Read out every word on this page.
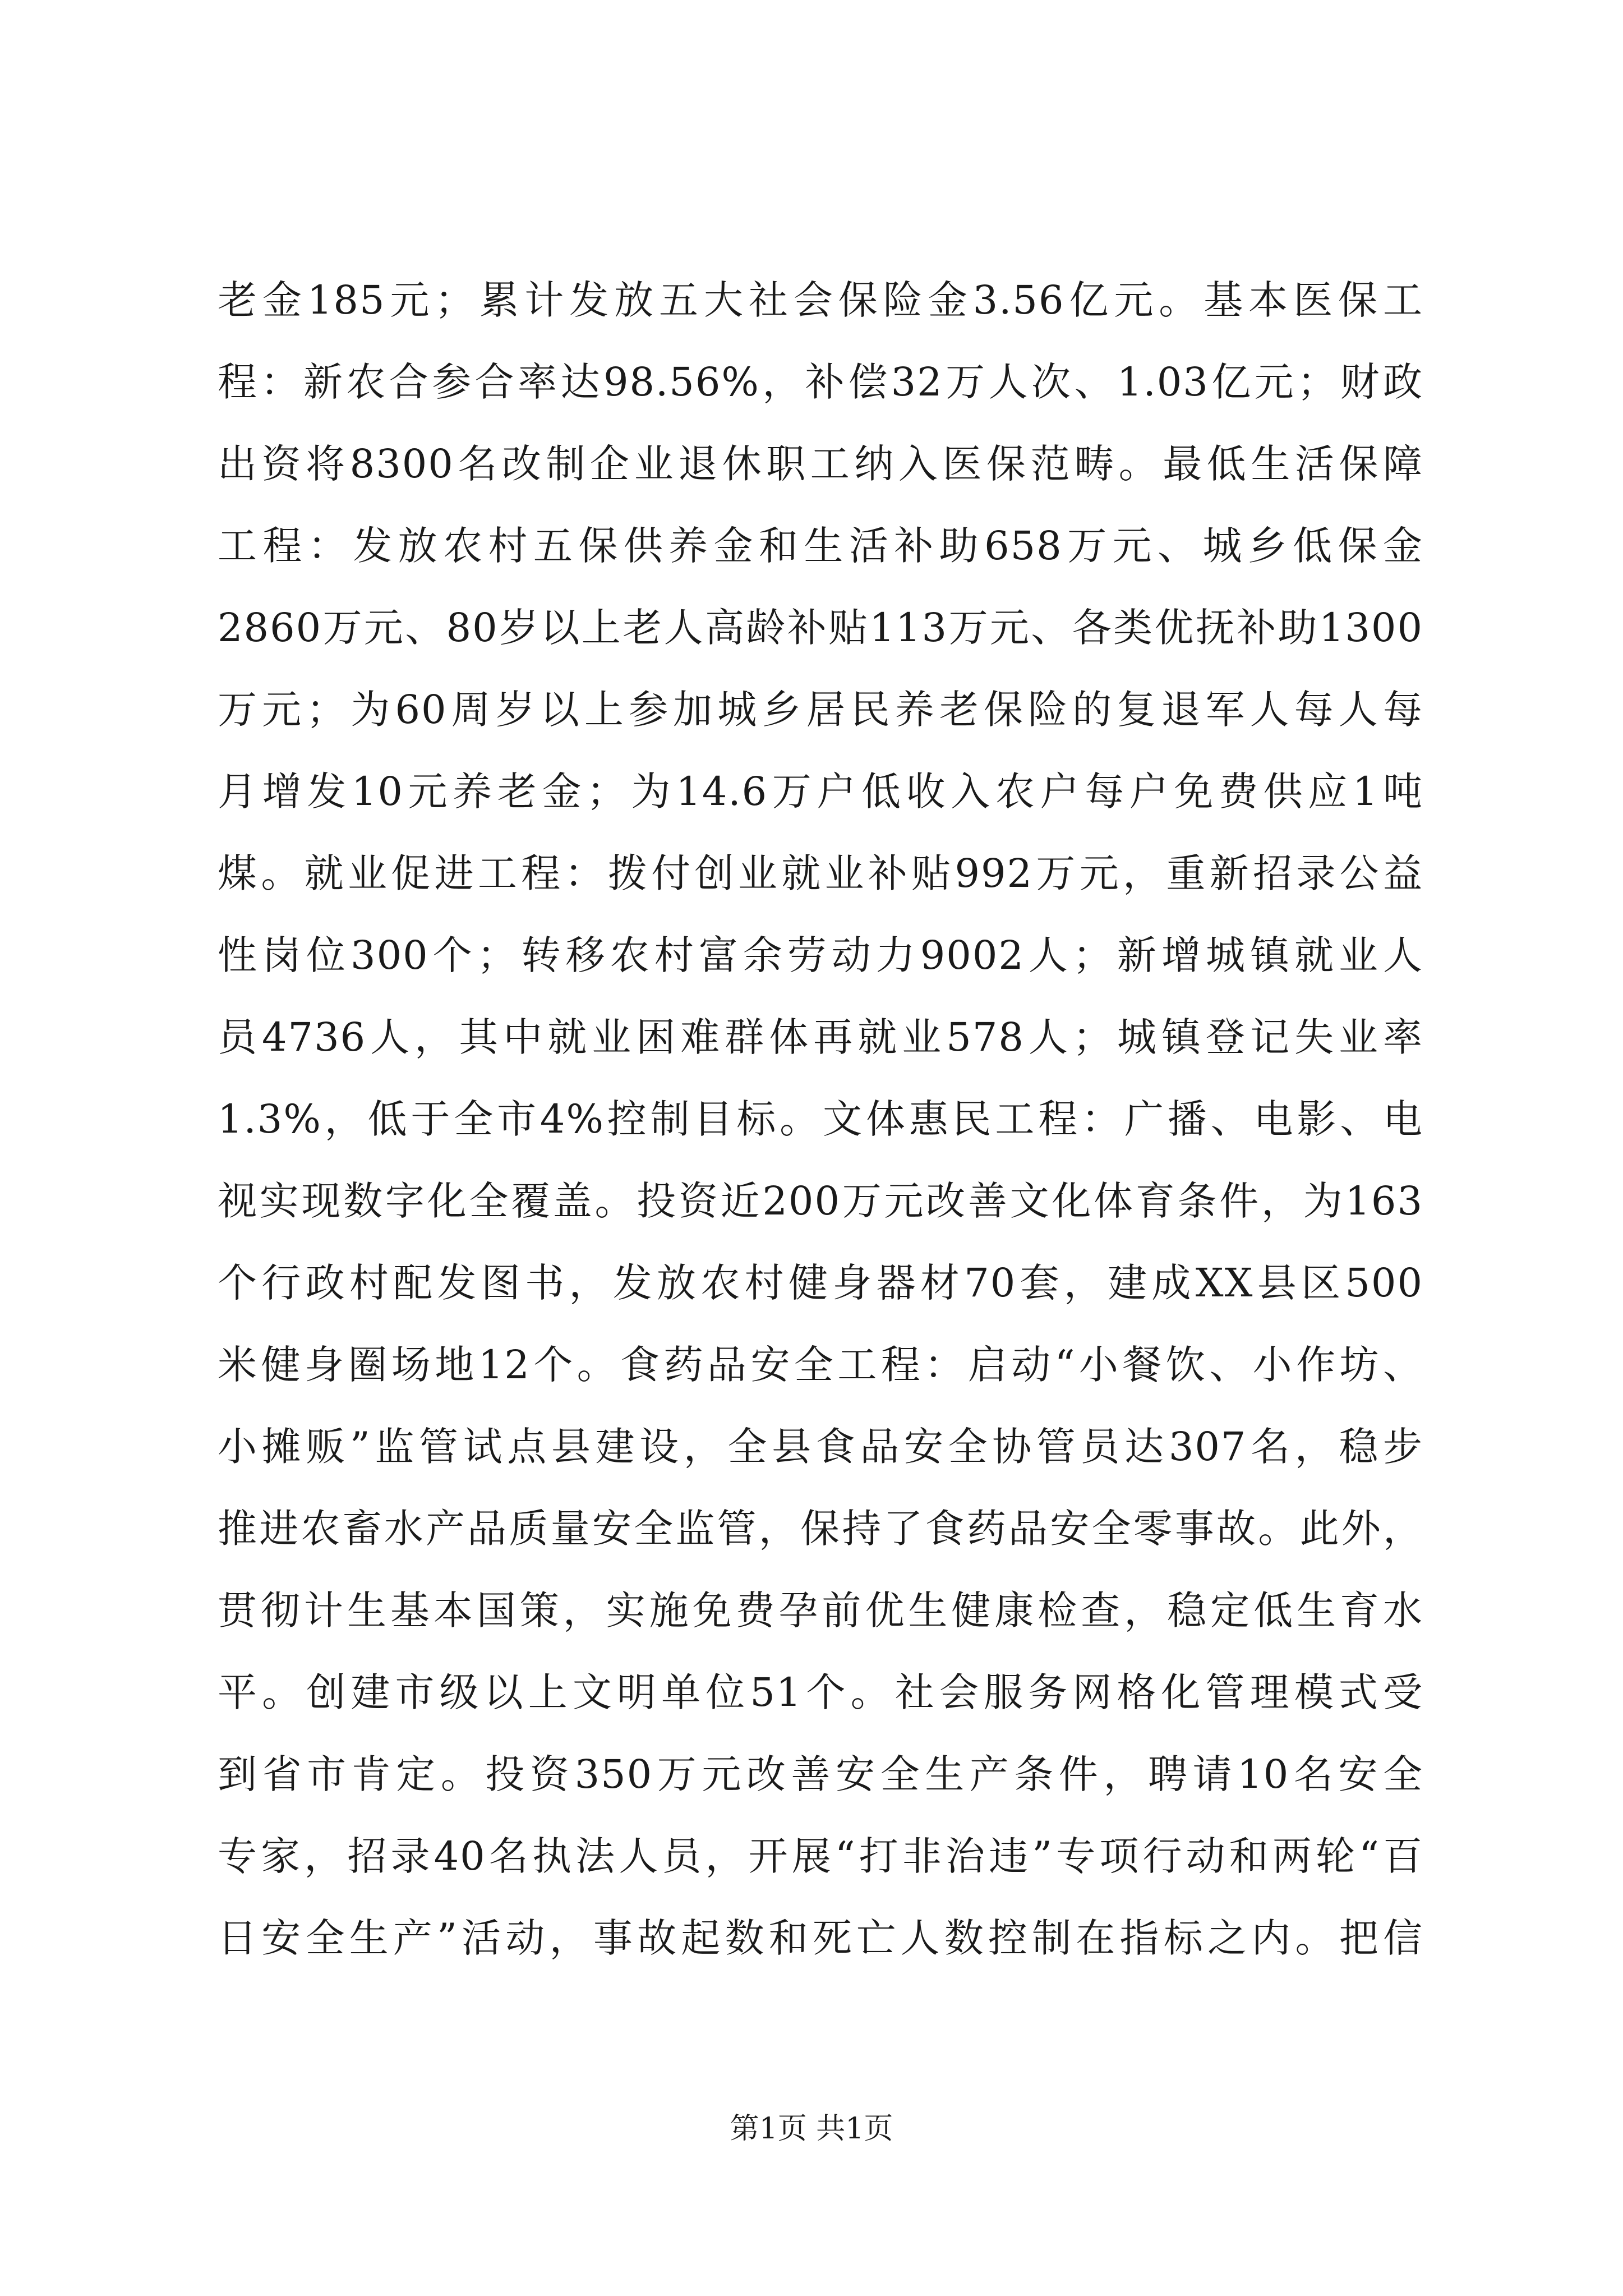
老金185元；累计发放五大社会保险金3.56亿元。基本医保工
程：新农合参合率达98.56%，补偿32万人次、1.03亿元；财政
出资将8300名改制企业退休职工纳入医保范畴。最低生活保障
工程：发放农村五保供养金和生活补助658万元、城乡低保金
2860万元、80岁以上老人高龄补贴113万元、各类优抚补助1300
万元；为60周岁以上参加城乡居民养老保险的复退军人每人每
月增发10元养老金；为14.6万户低收入农户每户免费供应1吨
煤。就业促进工程：拨付创业就业补贴992万元，重新招录公益
性岗位300个；转移农村富余劳动力9002人；新增城镇就业人
员4736人，其中就业困难群体再就业578人；城镇登记失业率
1.3%，低于全市4%控制目标。文体惠民工程：广播、电影、电
视实现数字化全覆盖。投资近200万元改善文化体育条件，为163
个行政村配发图书，发放农村健身器材70套，建成XX县区500
米健身圈场地12个。食药品安全工程：启动“小餐饮、小作坊、
小摊贩”监管试点县建设，全县食品安全协管员达307名，稳步
推进农畜水产品质量安全监管，保持了食药品安全零事故。此外，
贯彻计生基本国策，实施免费孕前优生健康检查，稳定低生育水
平。创建市级以上文明单位51个。社会服务网格化管理模式受
到省市肯定。投资350万元改善安全生产条件，聘请10名安全
专家，招录40名执法人员，开展“打非治违”专项行动和两轮“百
日安全生产”活动，事故起数和死亡人数控制在指标之内。把信
第1页 共1页
